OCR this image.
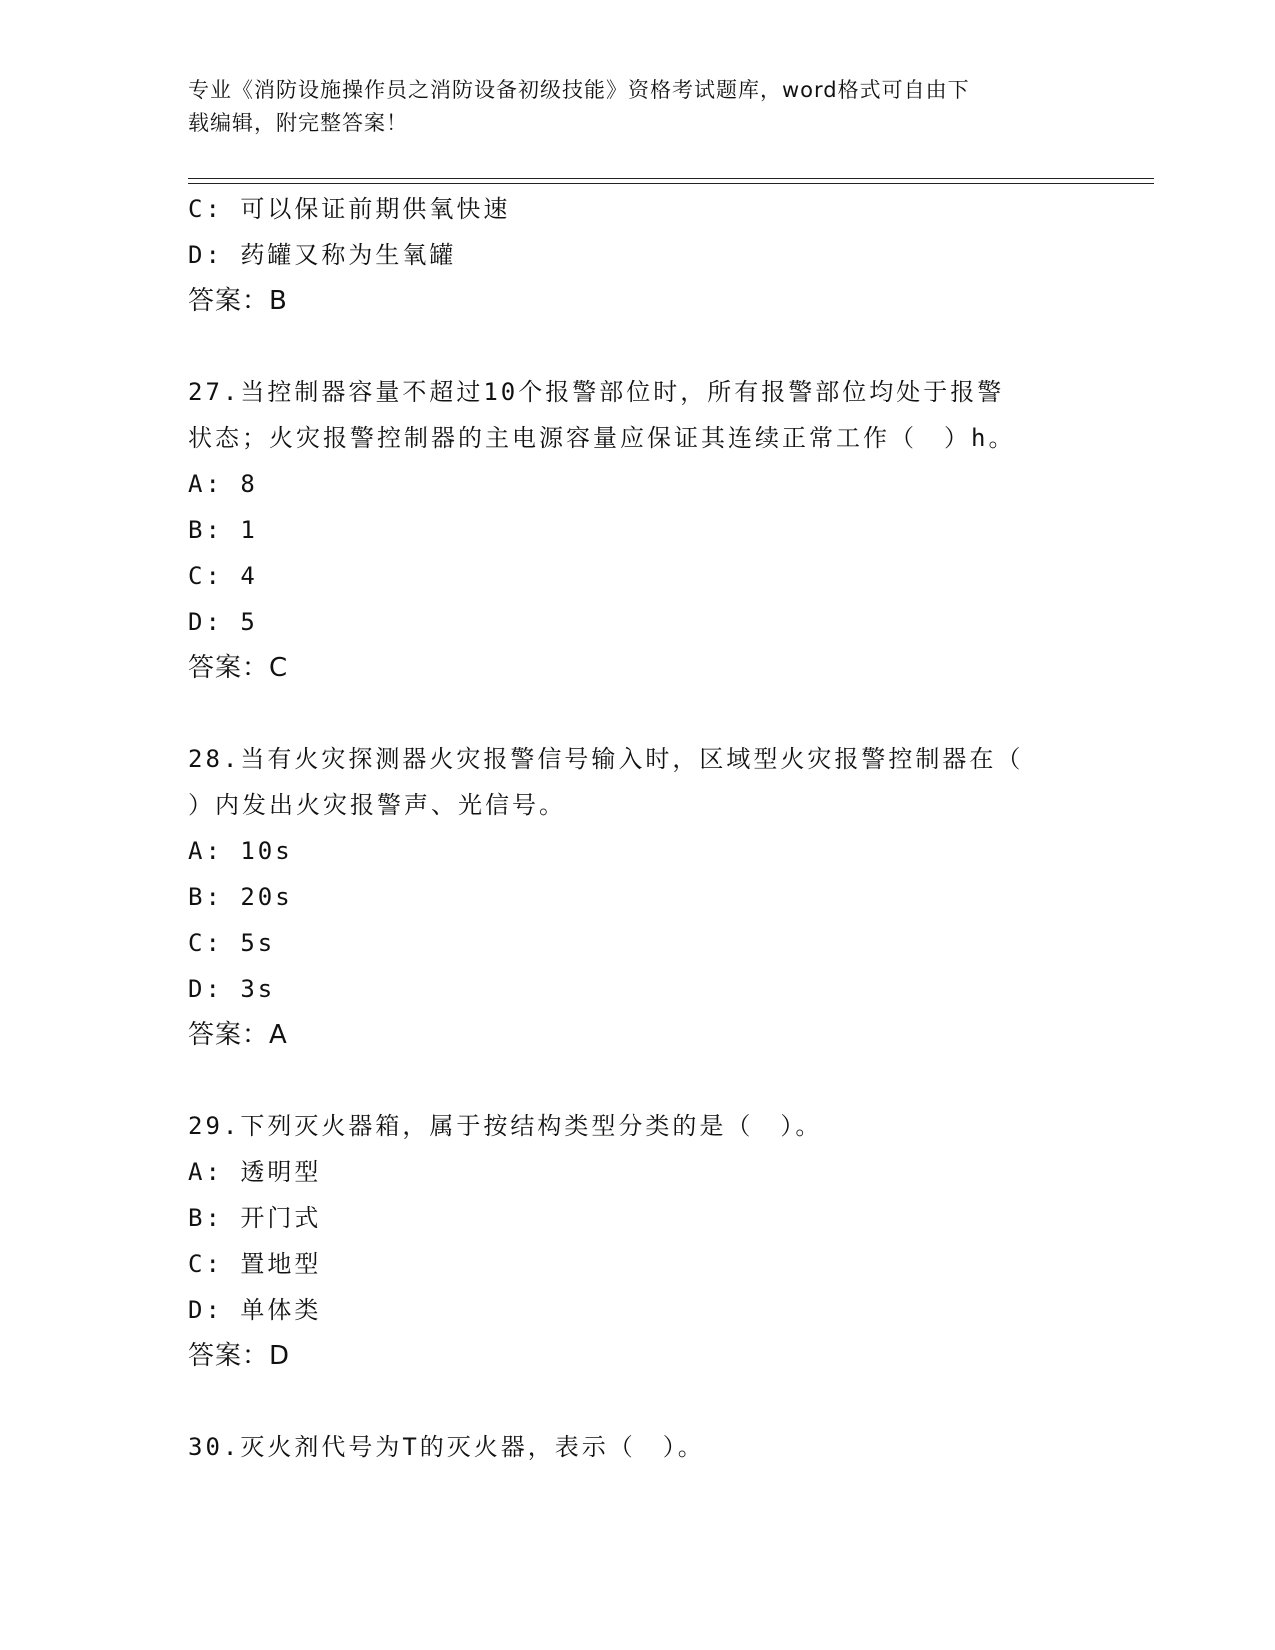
专业《消防设施操作员之消防设备初级技能》资格考试题库，word格式可自由下
载编辑，附完整答案！
C: 可以保证前期供氧快速
D: 药罐又称为生氧罐
答案：B
27.当控制器容量不超过10个报警部位时，所有报警部位均处于报警
状态；火灾报警控制器的主电源容量应保证其连续正常工作（　）h。
A: 8
B: 1
C: 4
D: 5
答案：C
28.当有火灾探测器火灾报警信号输入时，区域型火灾报警控制器在（
）内发出火灾报警声、光信号。
A: 10s
B: 20s
C: 5s
D: 3s
答案：A
29.下列灭火器箱，属于按结构类型分类的是（　）。
A: 透明型
B: 开门式
C: 置地型
D: 单体类
答案：D
30.灭火剂代号为T的灭火器，表示（　）。
